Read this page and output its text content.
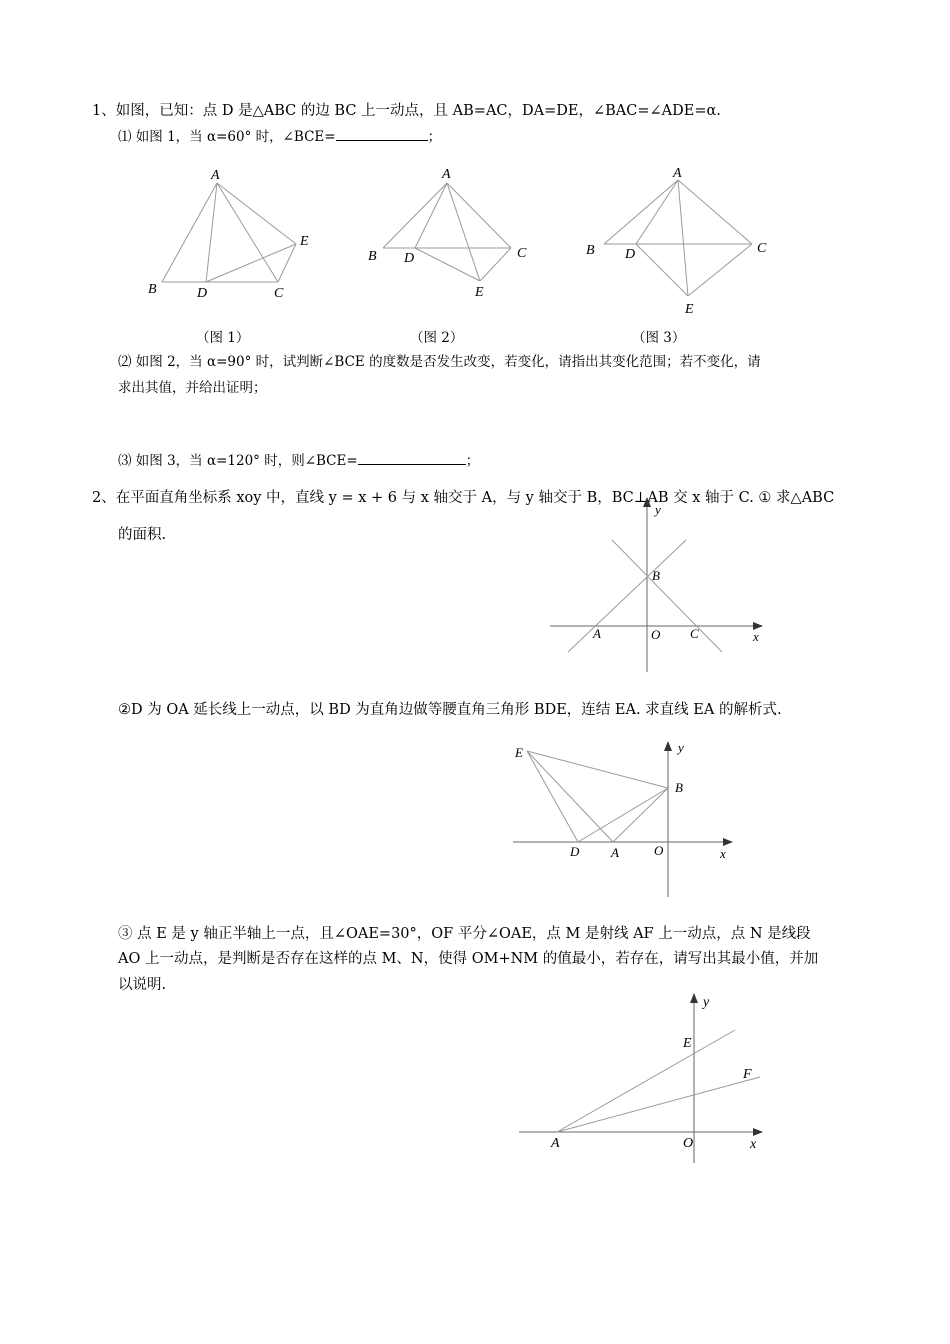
1、如图，已知：点 D 是△ABC 的边 BC 上一动点，且 AB=AC，DA=DE，∠BAC=∠ADE=α.
⑴ 如图 1，当 α=60° 时，∠BCE=	；
（图 1）	（图 2）	（图 3）
⑵ 如图 2，当 α=90° 时，试判断∠BCE 的度数是否发生改变，若变化，请指出其变化范围；若不变化，请
求出其值，并给出证明；
⑶ 如图 3，当 α=120° 时，则∠BCE=	；
2、在平面直角坐标系 xoy 中，直线 y = x + 6 与 x 轴交于 A，与 y 轴交于 B，BC⊥AB 交 x 轴于 C. ① 求△ABC
的面积.
②D 为 OA 延长线上一动点，以 BD 为直角边做等腰直角三角形 BDE，连结 EA. 求直线 EA 的解析式.
③ 点 E 是 y 轴正半轴上一点，且∠OAE=30°，OF 平分∠OAE，点 M 是射线 AF 上一动点，点 N 是线段
AO 上一动点，是判断是否存在这样的点 M、N，使得 OM+NM 的值最小，若存在，请写出其最小值，并加
以说明.
A
B	C
D
E
A
B	C
D
E
A
B	C
D
E
B
A	O C	x
y
E
B
D A	O	x
y
E
F
A	O	x
y
